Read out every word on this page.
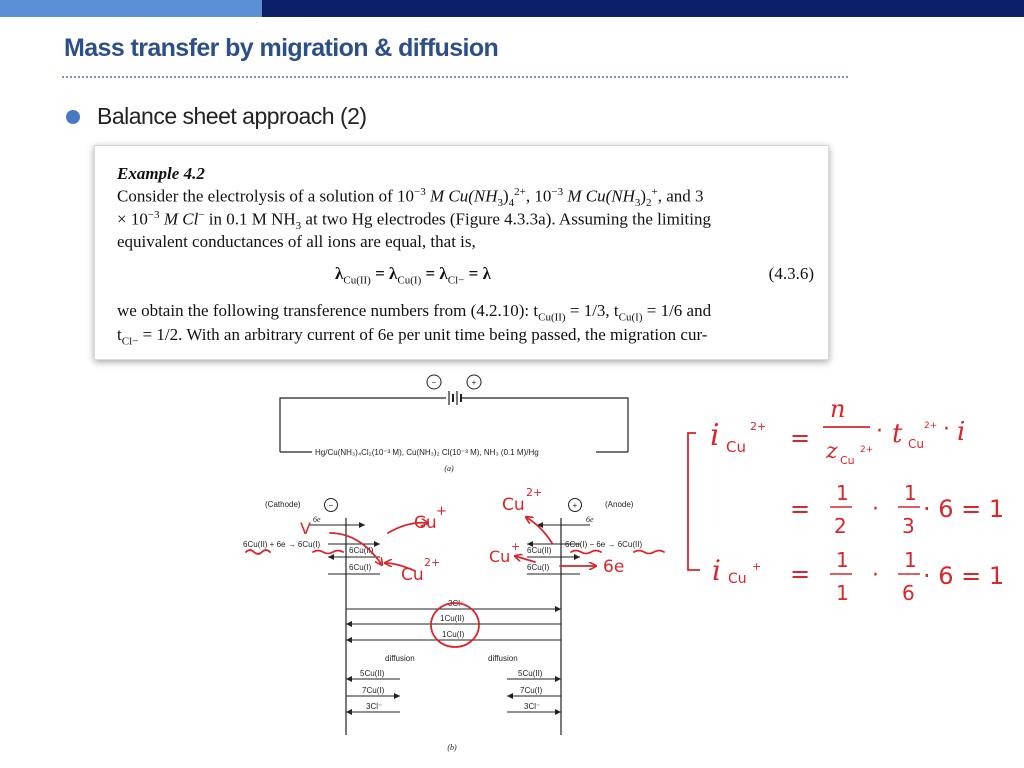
Mass transfer by migration & diffusion
Balance sheet approach (2)
Example 4.2
Consider the electrolysis of a solution of $10^{-3}$ M $Cu(NH_3)_4^{2+}$, $10^{-3}$ M $Cu(NH_3)_2^+$, and 3
× $10^{-3}$ M Cl− in 0.1 M $NH_3$ at two Hg electrodes (Figure 4.3.3a). Assuming the limiting
equivalent conductances of all ions are equal, that is,
$\lambda_{Cu(II)} = \lambda_{Cu(I)} = \lambda_{Cl-} = \lambda$	(4.3.6)
we obtain the following transference numbers from (4.2.10): $t_{Cu(II)} = 1/3$, $t_{Cu(I)} = 1/6$ and
$t_{Cl-} = 1/2$. With an arbitrary current of 6e per unit time being passed, the migration cur-
−	+
Hg/Cu(NH₃)₄Cl₂(10⁻³ M), Cu(NH₃)₂ Cl(10⁻³ M), NH₃ (0.1 M)/Hg
(a)
−	+
(Cathode)	(Anode)
6e	6e
6Cu(II) + 6e → 6Cu(I)	6Cu(I) − 6e → 6Cu(II)
6Cu(II)
6Cu(I)
6Cu(II)
6Cu(I)
3Cl⁻
1Cu(II)
1Cu(I)
diffusion	diffusion
5Cu(II)
7Cu(I)
3Cl⁻
5Cu(II)
7Cu(I)
3Cl⁻
(b)
V	Cu
+
Cu
2+
Cu
2+
Cu
+
6e
i Cu
2+ =
n
z Cu
2+
· t Cu
2+ · i
=
1
2
·
1
3
· 6 = 1
i Cu
+ = 1
1
·
1
6
· 6 = 1
